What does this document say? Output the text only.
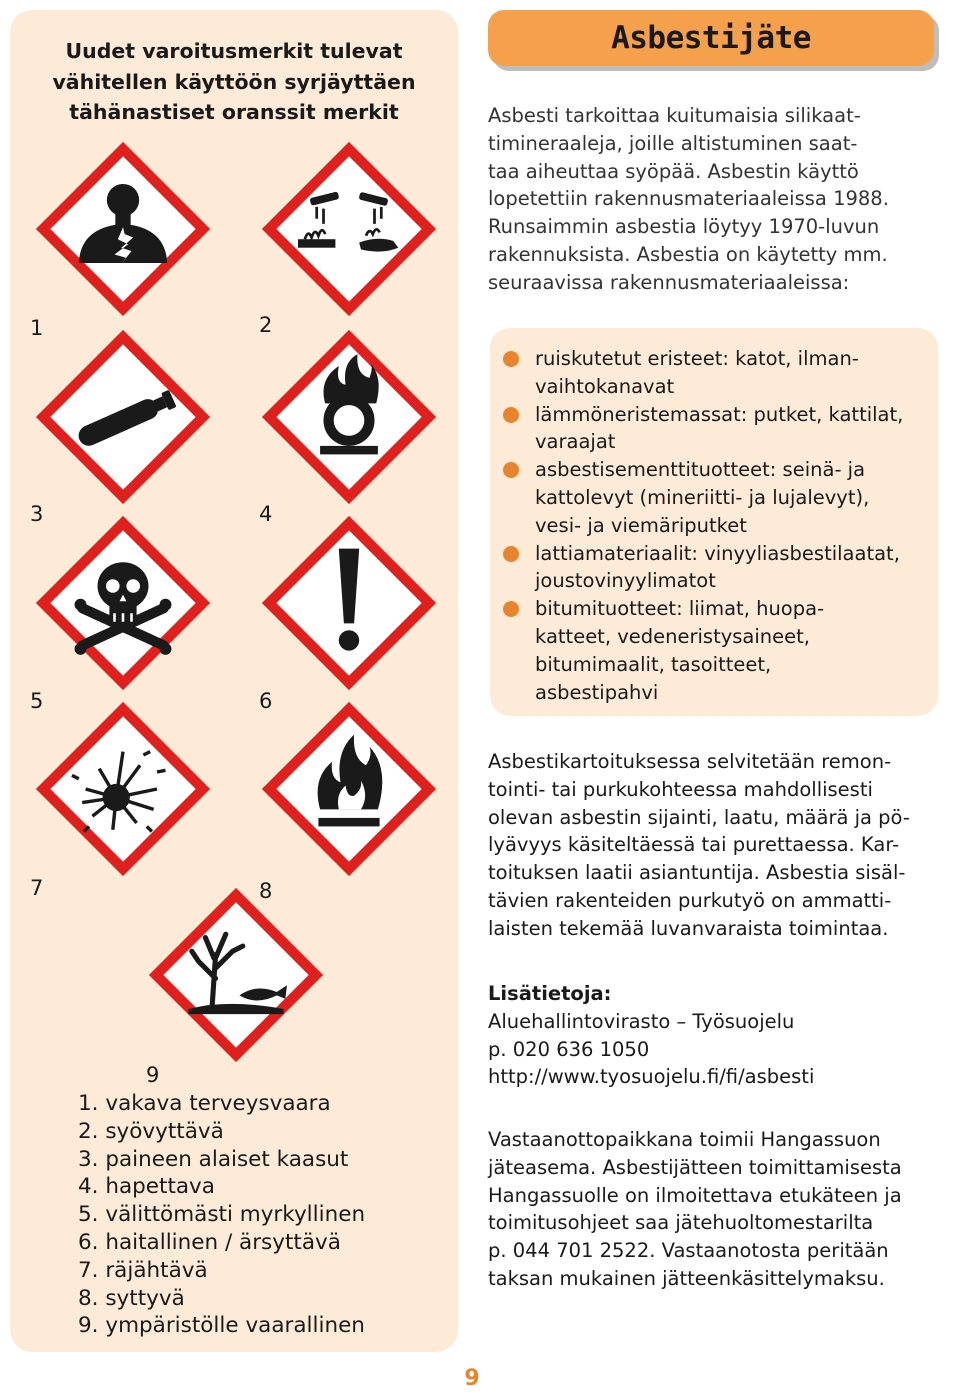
Uudet varoitusmerkit tulevat
vähitellen käyttöön syrjäyttäen
tähänastiset oranssit merkit
1	2
3	4
5	6
7	8
9
1. vakava terveysvaara
2. syövyttävä
3. paineen alaiset kaasut
4. hapettava
5. välittömästi myrkyllinen
6. haitallinen / ärsyttävä
7. räjähtävä
8. syttyvä
9. ympäristölle vaarallinen
Asbestijäte
Asbesti tarkoittaa kuitumaisia silikaat-
timineraaleja, joille altistuminen saat-
taa aiheuttaa syöpää. Asbestin käyttö
lopetettiin rakennusmateriaaleissa 1988.
Runsaimmin asbestia löytyy 1970-luvun
rakennuksista. Asbestia on käytetty mm.
seuraavissa rakennusmateriaaleissa:
ruiskutetut eristeet: katot, ilman-
vaihtokanavat
lämmöneristemassat: putket, kattilat,
varaajat
asbestisementtituotteet: seinä- ja
kattolevyt (mineriitti- ja lujalevyt),
vesi- ja viemäriputket
lattiamateriaalit: vinyyliasbestilaatat,
joustovinyylimatot
bitumituotteet: liimat, huopa-
katteet, vedeneristysaineet,
bitumimaalit, tasoitteet,
asbestipahvi
Asbestikartoituksessa selvitetään remon-
tointi- tai purkukohteessa mahdollisesti
olevan asbestin sijainti, laatu, määrä ja pö-
lyävyys käsiteltäessä tai purettaessa. Kar-
toituksen laatii asiantuntija. Asbestia sisäl-
tävien rakenteiden purkutyö on ammatti-
laisten tekemää luvanvaraista toimintaa.
Lisätietoja:
Aluehallintovirasto – Työsuojelu
p. 020 636 1050
http://www.tyosuojelu.fi/fi/asbesti
Vastaanottopaikkana toimii Hangassuon
jäteasema. Asbestijätteen toimittamisesta
Hangassuolle on ilmoitettava etukäteen ja
toimitusohjeet saa jätehuoltomestarilta
p. 044 701 2522. Vastaanotosta peritään
taksan mukainen jätteenkäsittelymaksu.
9
